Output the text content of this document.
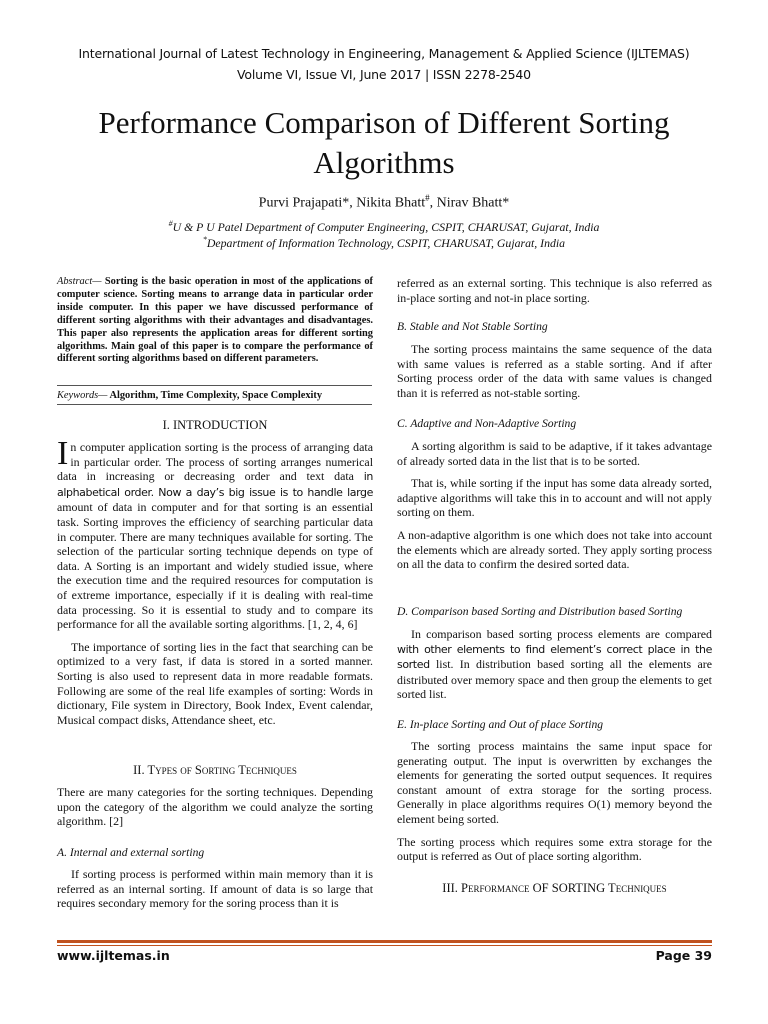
International Journal of Latest Technology in Engineering, Management & Applied Science (IJLTEMAS)
Volume VI, Issue VI, June 2017 | ISSN 2278-2540
Performance Comparison of Different Sorting
Algorithms
Purvi Prajapati*, Nikita Bhatt#, Nirav Bhatt*
#U & P U Patel Department of Computer Engineering, CSPIT, CHARUSAT, Gujarat, India
*Department of Information Technology, CSPIT, CHARUSAT, Gujarat, India

Abstract— Sorting is the basic operation in most of the applications of computer science. Sorting means to arrange data in particular order inside computer. In this paper we have discussed performance of different sorting algorithms with their advantages and disadvantages. This paper also represents the application areas for different sorting algorithms. Main goal of this paper is to compare the performance of different sorting algorithms based on different parameters.

Keywords— Algorithm, Time Complexity, Space Complexity
I. INTRODUCTION

In computer application sorting is the process of arranging data in particular order. The process of sorting arranges numerical data in increasing or decreasing order and text data in alphabetical order. Now a day’s big issue is to handle large amount of data in computer and for that sorting is an essential task. Sorting improves the efficiency of searching particular data in computer. There are many techniques available for sorting. The selection of the particular sorting technique depends on type of data. A Sorting is an important and widely studied issue, where the execution time and the required resources for computation is of extreme importance, especially if it is dealing with real-time data processing. So it is essential to study and to compare its performance for all the available sorting algorithms. [1, 2, 4, 6]

The importance of sorting lies in the fact that searching can be optimized to a very fast, if data is stored in a sorted manner. Sorting is also used to represent data in more readable formats. Following are some of the real life examples of sorting: Words in dictionary, File system in Directory, Book Index, Event calendar, Musical compact disks, Attendance sheet, etc.

II. Types of Sorting Techniques
There are many categories for the sorting techniques. Depending upon the category of the algorithm we could analyze the sorting algorithm. [2]
A. Internal and external sorting
If sorting process is performed within main memory than it is referred as an internal sorting. If amount of data is so large that requires secondary memory for the soring process than it is
referred as an external sorting. This technique is also referred as in-place sorting and not-in place sorting.
B. Stable and Not Stable Sorting
The sorting process maintains the same sequence of the data with same values is referred as a stable sorting. And if after Sorting process order of the data with same values is changed than it is referred as not-stable sorting.
C. Adaptive and Non-Adaptive Sorting

A sorting algorithm is said to be adaptive, if it takes advantage of already sorted data in the list that is to be sorted.

That is, while sorting if the input has some data already sorted, adaptive algorithms will take this in to account and will not apply sorting on them.

A non-adaptive algorithm is one which does not take into account the elements which are already sorted. They apply sorting process on all the data to confirm the desired sorted data.

D. Comparison based Sorting and Distribution based Sorting
In comparison based sorting process elements are compared with other elements to find element’s correct place in the sorted list. In distribution based sorting all the elements are distributed over memory space and then group the elements to get sorted list.
E. In-place Sorting and Out of place Sorting

The sorting process maintains the same input space for generating output. The input is overwritten by exchanges the elements for generating the sorted output sequences. It requires constant amount of extra storage for the sorting process. Generally in place algorithms requires O(1) memory beyond the element being sorted.

The sorting process which requires some extra storage for the output is referred as Out of place sorting algorithm.

III. Performance OF SORTING Techniques
www.ijltemas.in	Page 39
